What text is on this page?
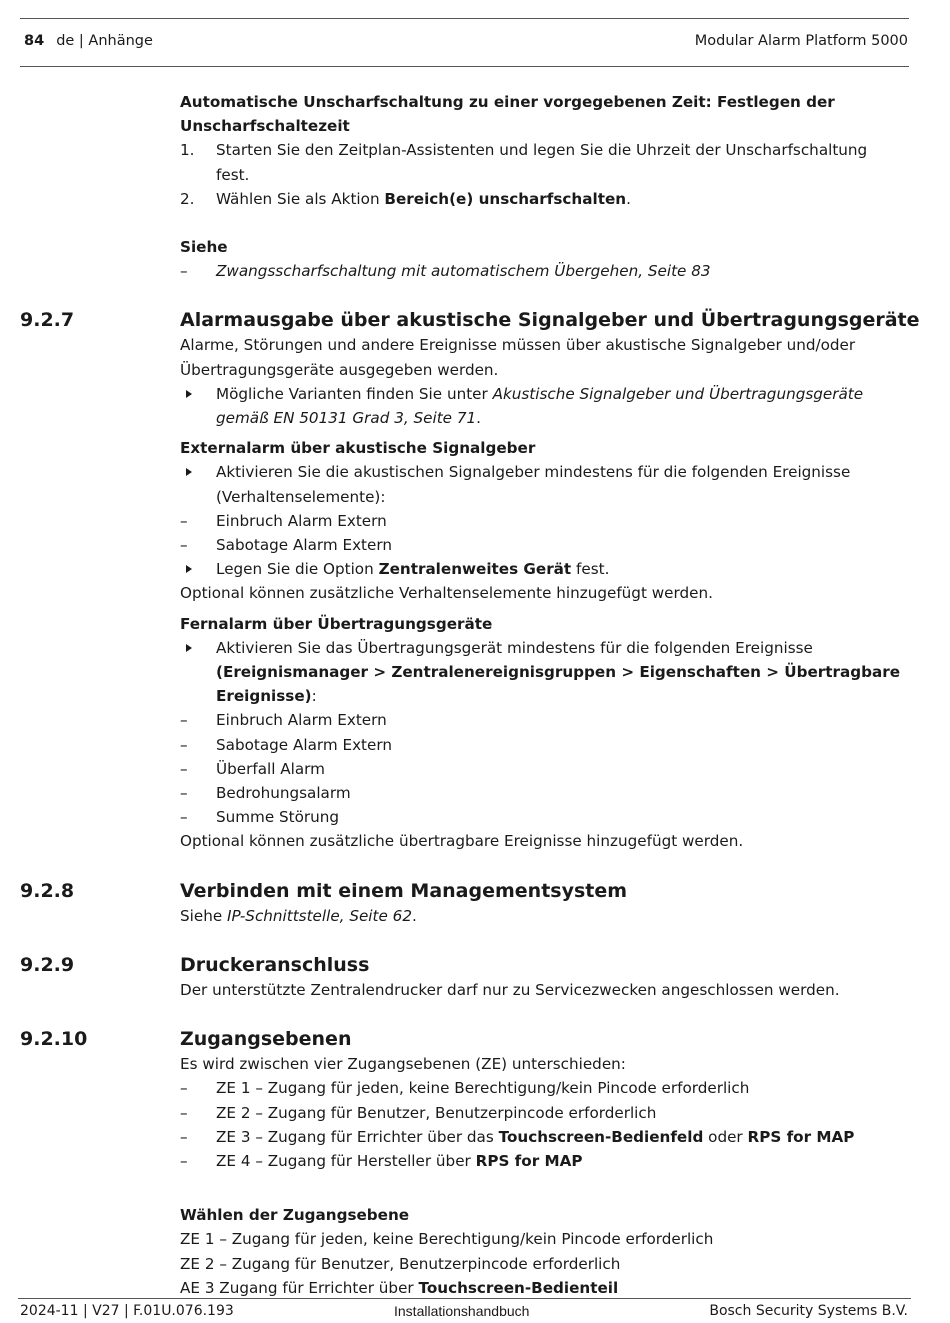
84 de | Anhänge	Modular Alarm Platform 5000
Automatische Unscharfschaltung zu einer vorgegebenen Zeit: Festlegen der
Unscharfschaltezeit
1. Starten Sie den Zeitplan-Assistenten und legen Sie die Uhrzeit der Unscharfschaltung
fest.
2. Wählen Sie als Aktion Bereich(e) unscharfschalten.
Siehe
– Zwangsscharfschaltung mit automatischem Übergehen, Seite 83
9.2.7	Alarmausgabe über akustische Signalgeber und Übertragungsgeräte
Alarme, Störungen und andere Ereignisse müssen über akustische Signalgeber und/oder
Übertragungsgeräte ausgegeben werden.
Mögliche Varianten finden Sie unter Akustische Signalgeber und Übertragungsgeräte
gemäß EN 50131 Grad 3, Seite 71.
Externalarm über akustische Signalgeber
Aktivieren Sie die akustischen Signalgeber mindestens für die folgenden Ereignisse
(Verhaltenselemente):
– Einbruch Alarm Extern
– Sabotage Alarm Extern
Legen Sie die Option Zentralenweites Gerät fest.
Optional können zusätzliche Verhaltenselemente hinzugefügt werden.
Fernalarm über Übertragungsgeräte
Aktivieren Sie das Übertragungsgerät mindestens für die folgenden Ereignisse
(Ereignismanager > Zentralenereignisgruppen > Eigenschaften > Übertragbare
Ereignisse):
– Einbruch Alarm Extern
– Sabotage Alarm Extern
– Überfall Alarm
– Bedrohungsalarm
– Summe Störung
Optional können zusätzliche übertragbare Ereignisse hinzugefügt werden.
9.2.8	Verbinden mit einem Managementsystem
Siehe IP-Schnittstelle, Seite 62.
9.2.9	Druckeranschluss
Der unterstützte Zentralendrucker darf nur zu Servicezwecken angeschlossen werden.
9.2.10	Zugangsebenen
Es wird zwischen vier Zugangsebenen (ZE) unterschieden:
– ZE 1 – Zugang für jeden, keine Berechtigung/kein Pincode erforderlich
– ZE 2 – Zugang für Benutzer, Benutzerpincode erforderlich
– ZE 3 – Zugang für Errichter über das Touchscreen-Bedienfeld oder RPS for MAP
– ZE 4 – Zugang für Hersteller über RPS for MAP
Wählen der Zugangsebene
ZE 1 – Zugang für jeden, keine Berechtigung/kein Pincode erforderlich
ZE 2 – Zugang für Benutzer, Benutzerpincode erforderlich
AE 3 Zugang für Errichter über Touchscreen-Bedienteil
2024-11 | V27 | F.01U.076.193	Installationshandbuch	Bosch Security Systems B.V.
